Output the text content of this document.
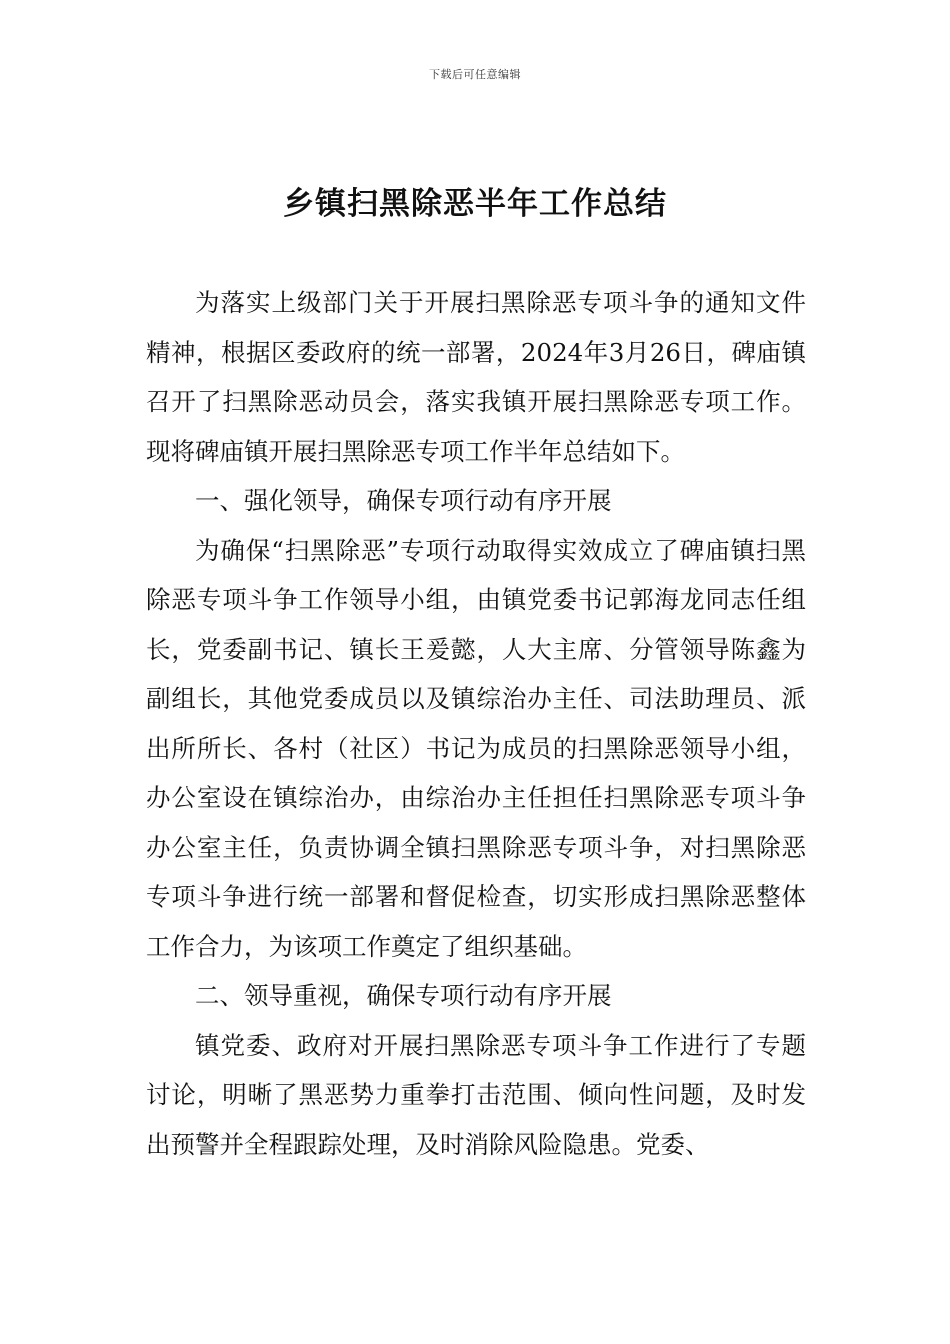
下载后可任意编辑
乡镇扫黑除恶半年工作总结

为落实上级部门关于开展扫黑除恶专项斗争的通知文件精神，根据区委政府的统一部署，2024年3月26日，碑庙镇召开了扫黑除恶动员会，落实我镇开展扫黑除恶专项工作。现将碑庙镇开展扫黑除恶专项工作半年总结如下。

一、强化领导，确保专项行动有序开展

为确保“扫黑除恶”专项行动取得实效成立了碑庙镇扫黑除恶专项斗争工作领导小组，由镇党委书记郭海龙同志任组长，党委副书记、镇长王爰懿，人大主席、分管领导陈鑫为副组长，其他党委成员以及镇综治办主任、司法助理员、派出所所长、各村（社区）书记为成员的扫黑除恶领导小组，办公室设在镇综治办，由综治办主任担任扫黑除恶专项斗争办公室主任，负责协调全镇扫黑除恶专项斗争，对扫黑除恶专项斗争进行统一部署和督促检查，切实形成扫黑除恶整体工作合力，为该项工作奠定了组织基础。

二、领导重视，确保专项行动有序开展

镇党委、政府对开展扫黑除恶专项斗争工作进行了专题讨论，明晰了黑恶势力重拳打击范围、倾向性问题，及时发出预警并全程跟踪处理，及时消除风险隐患。党委、
